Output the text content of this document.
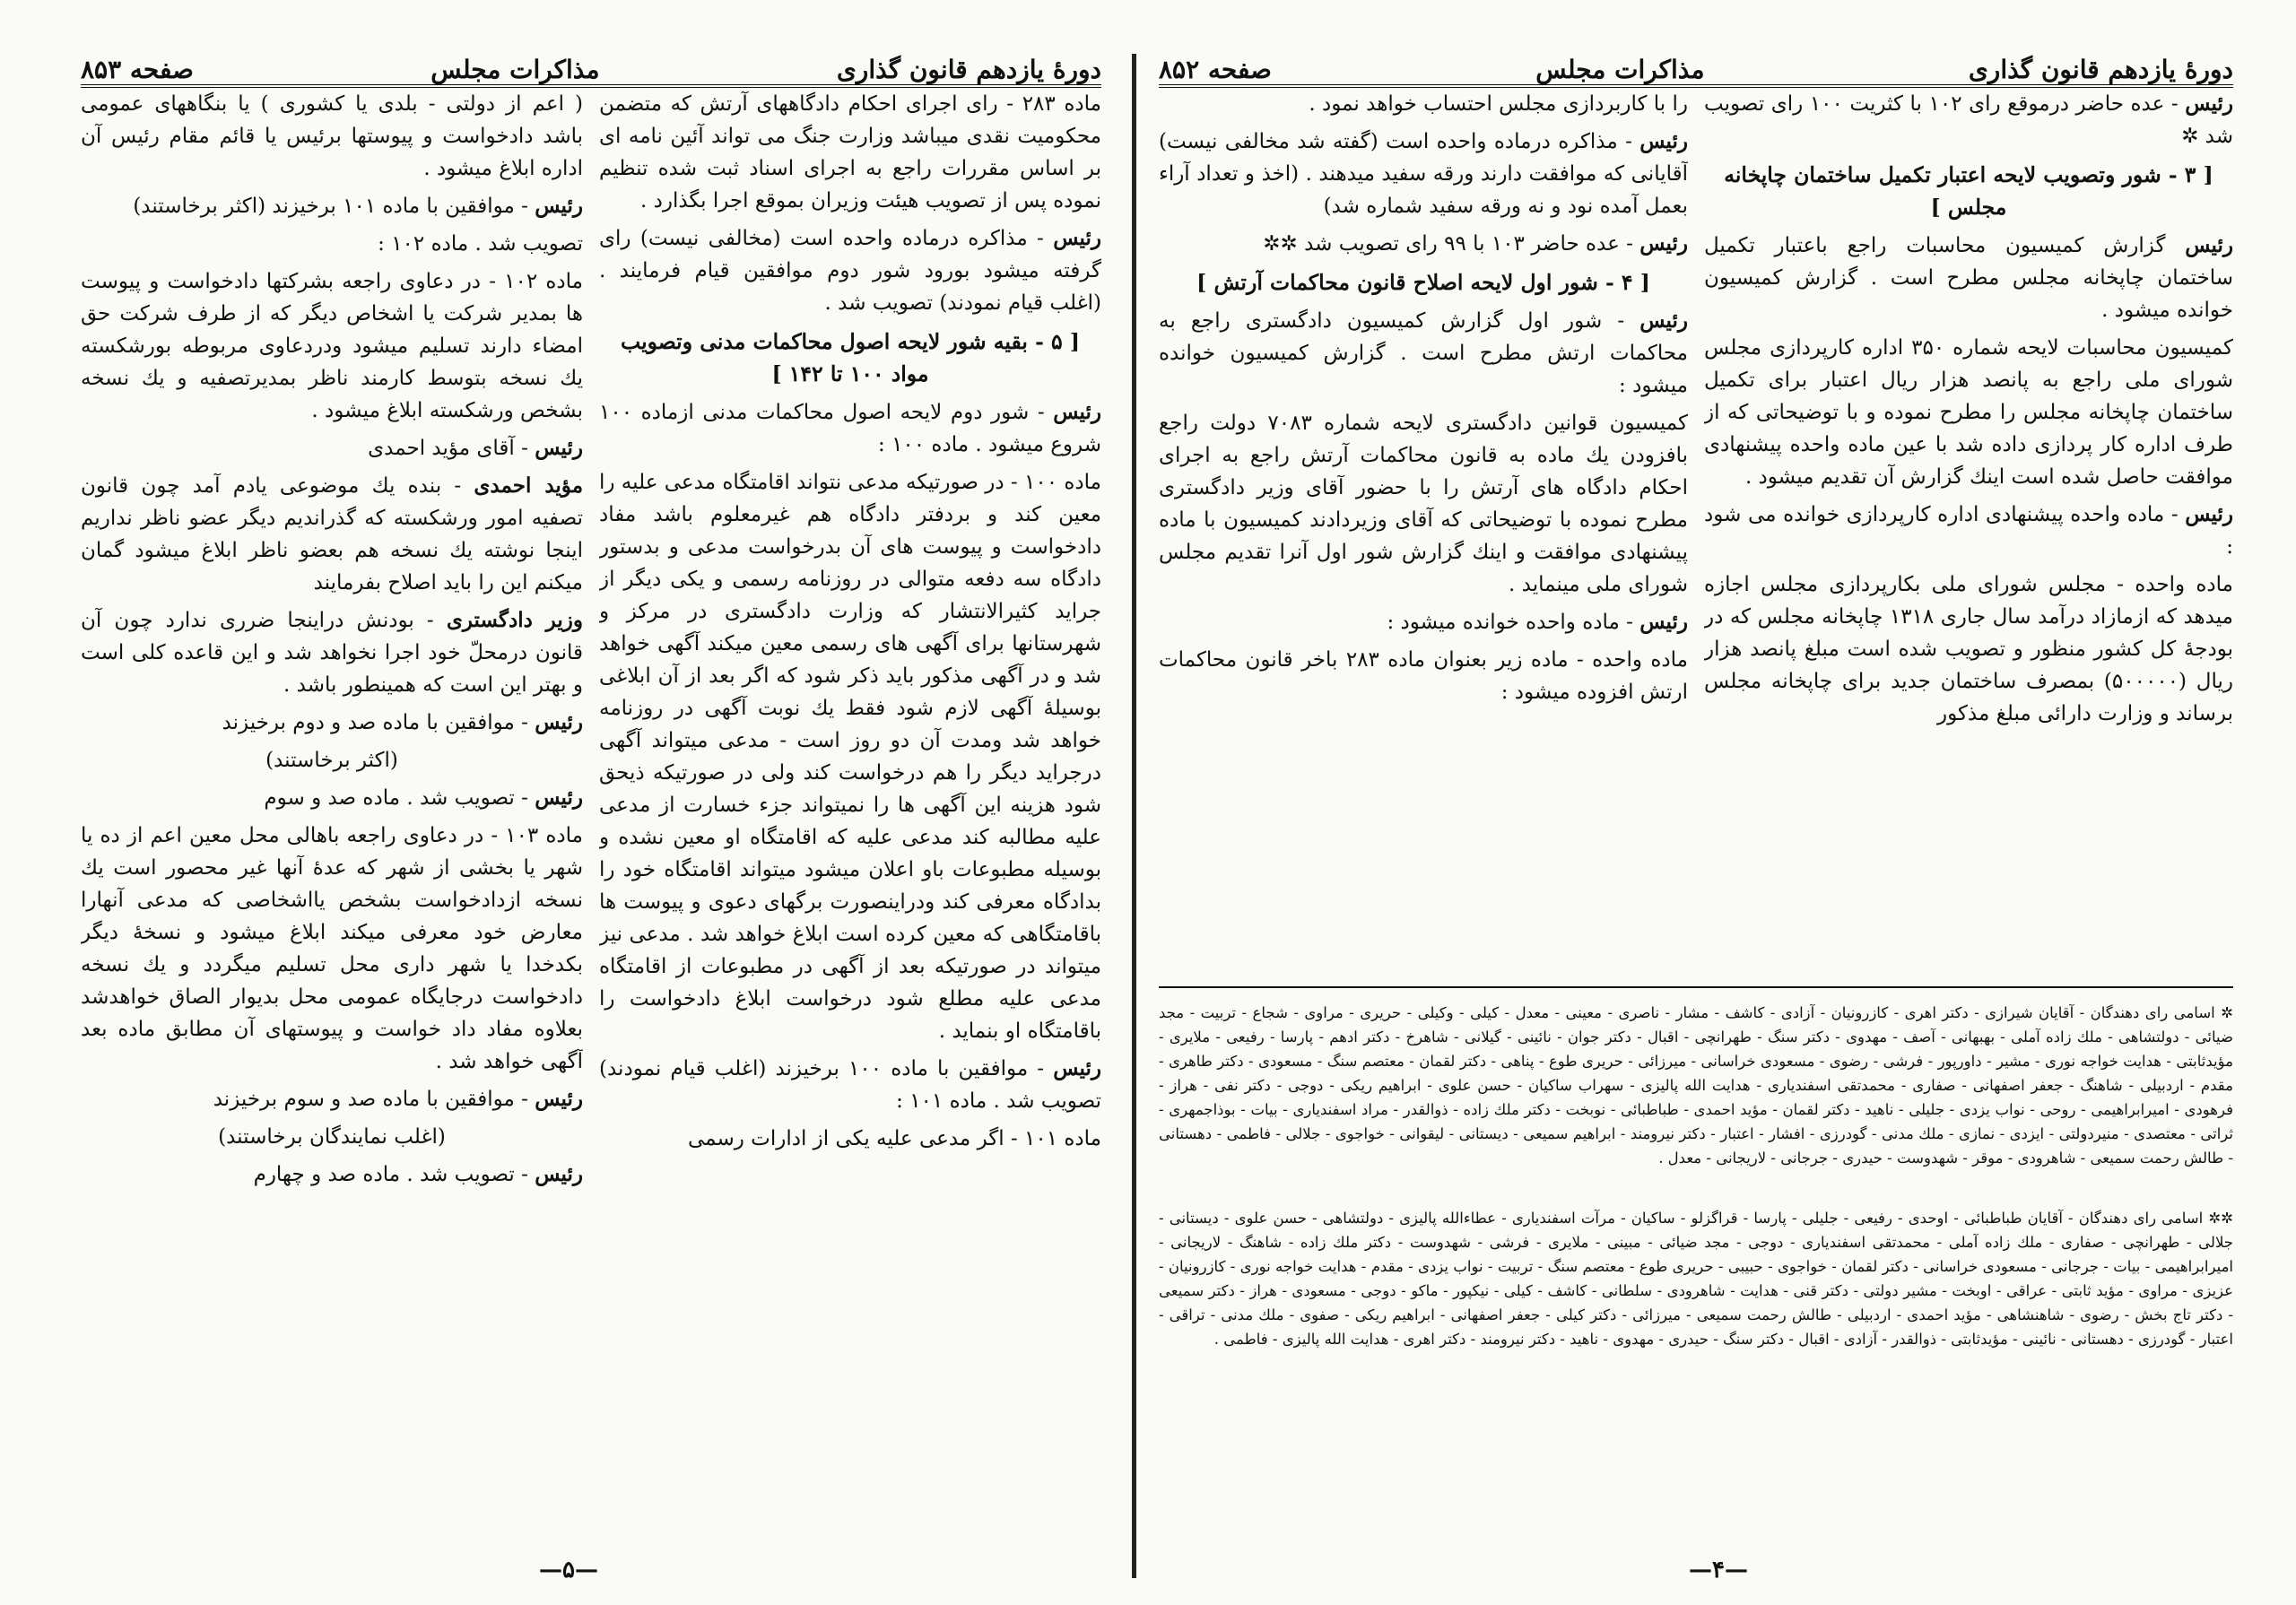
دورهٔ یازدهم قانون گذاری
مذاکرات مجلس
صفحه ۸۵۳

ماده ۲۸۳ - رای اجرای احکام دادگاههای آرتش که متضمن محکومیت نقدی میباشد وزارت جنگ می تواند آئین نامه ای بر اساس مقررات راجع به اجرای اسناد ثبت شده تنظیم نموده پس از تصویب هیئت وزیران بموقع اجرا بگذارد .

رئیس - مذاکره درماده واحده است (مخالفی نیست) رای گرفته میشود بورود شور دوم موافقین قیام فرمایند . (اغلب قیام نمودند) تصویب شد .

[ ۵ - بقیه شور لایحه اصول محاکمات مدنی وتصویب مواد ۱۰۰ تا ۱۴۲ ]

رئیس - شور دوم لایحه اصول محاکمات مدنی ازماده ۱۰۰ شروع میشود . ماده ۱۰۰ :

ماده ۱۰۰ - در صورتیکه مدعی نتواند اقامتگاه مدعی علیه را معین کند و بردفتر دادگاه هم غیرمعلوم باشد مفاد دادخواست و پیوست های آن بدرخواست مدعی و بدستور دادگاه سه دفعه متوالی در روزنامه رسمی و یکی دیگر از جراید کثیرالانتشار که وزارت دادگستری در مرکز و شهرستانها برای آگهی های رسمی معین میکند آگهی خواهد شد و در آگهی مذکور باید ذکر شود که اگر بعد از آن ابلاغی بوسیلهٔ آگهی لازم شود فقط یك نوبت آگهی در روزنامه خواهد شد ومدت آن دو روز است - مدعی میتواند آگهی درجراید دیگر را هم درخواست کند ولی در صورتیکه ذیحق شود هزینه این آگهی ها را نمیتواند جزء خسارت از مدعی علیه مطالبه کند مدعی علیه که اقامتگاه او معین نشده و بوسیله مطبوعات باو اعلان میشود میتواند اقامتگاه خود را بدادگاه معرفی کند ودراینصورت برگهای دعوی و پیوست ها باقامتگاهی که معین کرده است ابلاغ خواهد شد . مدعی نیز میتواند در صورتیکه بعد از آگهی در مطبوعات از اقامتگاه مدعی علیه مطلع شود درخواست ابلاغ دادخواست را باقامتگاه او بنماید .

رئیس - موافقین با ماده ۱۰۰ برخیزند (اغلب قیام نمودند) تصویب شد . ماده ۱۰۱ :

ماده ۱۰۱ - اگر مدعی علیه یکی از ادارات رسمی

( اعم از دولتی - بلدی یا کشوری ) یا بنگاههای عمومی باشد دادخواست و پیوستها برئیس یا قائم مقام رئیس آن اداره ابلاغ میشود .

رئیس - موافقین با ماده ۱۰۱ برخیزند (اکثر برخاستند)

تصویب شد . ماده ۱۰۲ :

ماده ۱۰۲ - در دعاوی راجعه بشرکتها دادخواست و پیوست ها بمدیر شرکت یا اشخاص دیگر که از طرف شرکت حق امضاء دارند تسلیم میشود ودردعاوی مربوطه بورشکسته یك نسخه بتوسط کارمند ناظر بمدیرتصفیه و یك نسخه بشخص ورشکسته ابلاغ میشود .

رئیس - آقای مؤید احمدی

مؤید احمدی - بنده یك موضوعی یادم آمد چون قانون تصفیه امور ورشکسته که گذراندیم دیگر عضو ناظر نداریم اینجا نوشته یك نسخه هم بعضو ناظر ابلاغ میشود گمان میکنم این را باید اصلاح بفرمایند

وزیر دادگستری - بودنش دراینجا ضرری ندارد چون آن قانون درمحلّ خود اجرا نخواهد شد و این قاعده کلی است و بهتر این است که همینطور باشد .

رئیس - موافقین با ماده صد و دوم برخیزند

(اکثر برخاستند)

رئیس - تصویب شد . ماده صد و سوم

ماده ۱۰۳ - در دعاوی راجعه باهالی محل معین اعم از ده یا شهر یا بخشی از شهر که عدهٔ آنها غیر محصور است یك نسخه ازدادخواست بشخص یااشخاصی که مدعی آنهارا معارض خود معرفی میکند ابلاغ میشود و نسخهٔ دیگر بکدخدا یا شهر داری محل تسلیم میگردد و یك نسخه دادخواست درجایگاه عمومی محل بدیوار الصاق خواهدشد بعلاوه مفاد داد خواست و پیوستهای آن مطابق ماده بعد آگهی خواهد شد .

رئیس - موافقین با ماده صد و سوم برخیزند

(اغلب نمایندگان برخاستند)

رئیس - تصویب شد . ماده صد و چهارم

—۵—
دورهٔ یازدهم قانون گذاری
مذاکرات مجلس
صفحه ۸۵۲

رئیس - عده حاضر درموقع رای ۱۰۲ با کثریت ۱۰۰ رای تصویب شد ✲

[ ۳ - شور وتصویب لایحه اعتبار تکمیل ساختمان چاپخانه مجلس ]

رئیس گزارش کمیسیون محاسبات راجع باعتبار تکمیل ساختمان چاپخانه مجلس مطرح است . گزارش کمیسیون خوانده میشود .

کمیسیون محاسبات لایحه شماره ۳۵۰ اداره کارپردازی مجلس شورای ملی راجع به پانصد هزار ریال اعتبار برای تکمیل ساختمان چاپخانه مجلس را مطرح نموده و با توضیحاتی که از طرف اداره کار پردازی داده شد با عین ماده واحده پیشنهادی موافقت حاصل شده است اینك گزارش آن تقدیم میشود .

رئیس - ماده واحده پیشنهادی اداره کارپردازی خوانده می شود :

ماده واحده - مجلس شورای ملی بکارپردازی مجلس اجازه میدهد که ازمازاد درآمد سال جاری ۱۳۱۸ چاپخانه مجلس که در بودجهٔ کل کشور منظور و تصویب شده است مبلغ پانصد هزار ریال (۵۰۰۰۰۰) بمصرف ساختمان جدید برای چاپخانه مجلس برساند و وزارت دارائی مبلغ مذکور

را با کاربردازی مجلس احتساب خواهد نمود .

رئیس - مذاکره درماده واحده است (گفته شد مخالفی نیست) آقایانی که موافقت دارند ورقه سفید میدهند . (اخذ و تعداد آراء بعمل آمده نود و نه ورقه سفید شماره شد)

رئیس - عده حاضر ۱۰۳ با ۹۹ رای تصویب شد ✲✲

[ ۴ - شور اول لایحه اصلاح قانون محاکمات آرتش ]

رئیس - شور اول گزارش کمیسیون دادگستری راجع به محاکمات ارتش مطرح است . گزارش کمیسیون خوانده میشود :

کمیسیون قوانین دادگستری لایحه شماره ۷۰۸۳ دولت راجع بافزودن یك ماده به قانون محاکمات آرتش راجع به اجرای احکام دادگاه های آرتش را با حضور آقای وزیر دادگستری مطرح نموده با توضیحاتی که آقای وزیردادند کمیسیون با ماده پیشنهادی موافقت و اینك گزارش شور اول آنرا تقدیم مجلس شورای ملی مینماید .

رئیس - ماده واحده خوانده میشود :

ماده واحده - ماده زیر بعنوان ماده ۲۸۳ باخر قانون محاکمات ارتش افزوده میشود :

✲ اسامی رای دهندگان - آقایان شیرازی - دکتر اهری - کازرونیان - آزادی - کاشف - مشار - ناصری - معینی - معدل - کیلی - وکیلی - حریری - مراوی - شجاع - تربیت - مجد ضیائی - دولتشاهی - ملك زاده آملی - بهبهانی - آصف - مهدوی - دکتر سنگ - طهرانچی - اقبال - دکتر جوان - نائینی - گیلانی - شاهرخ - دکتر ادهم - پارسا - رفیعی - ملایری - مؤیدثابتی - هدایت خواجه نوری - مشیر - داورپور - فرشی - رضوی - مسعودی خراسانی - میرزائی - حریری طوع - پناهی - دکتر لقمان - معتصم سنگ - مسعودی - دکتر طاهری - مقدم - اردبیلی - شاهنگ - جعفر اصفهانی - صفاری - محمدتقی اسفندیاری - هدایت الله پالیزی - سهراب ساکیان - حسن علوی - ابراهیم ریکی - دوجی - دکتر نفی - هراز - فرهودی - امیرابراهیمی - روحی - نواب یزدی - جلیلی - ناهید - دکتر لقمان - مؤید احمدی - طباطبائی - نوبخت - دکتر ملك زاده - ذوالقدر - مراد اسفندیاری - بیات - بوذاجمهری - ثراتی - معتصدی - منیردولتی - ایزدی - نمازی - ملك مدنی - گودرزی - افشار - اعتبار - دکتر نیرومند - ابراهیم سمیعی - دیستانی - لیقوانی - خواجوی - جلالی - فاطمی - دهستانی - طالش رحمت سمیعی - شاهرودی - موقر - شهدوست - حیدری - جرجانی - لاریجانی - معدل .

✲✲ اسامی رای دهندگان - آقایان طباطبائی - اوحدی - رفیعی - جلیلی - پارسا - قراگزلو - ساکیان - مرآت اسفندیاری - عطاءالله پالیزی - دولتشاهی - حسن علوی - دیستانی - جلالی - طهرانچی - صفاری - ملك زاده آملی - محمدتقی اسفندیاری - دوجی - مجد ضیائی - مبینی - ملایری - فرشی - شهدوست - دکتر ملك زاده - شاهنگ - لاریجانی - امیرابراهیمی - بیات - جرجانی - مسعودی خراسانی - دکتر لقمان - خواجوی - حبیبی - حریری طوع - معتصم سنگ - تربیت - نواب یزدی - مقدم - هدایت خواجه نوری - کازرونیان - عزیزی - مراوی - مؤید ثابتی - عراقی - اوبخت - مشیر دولتی - دکتر قنی - هدایت - شاهرودی - سلطانی - کاشف - کیلی - نیکپور - ماکو - دوجی - مسعودی - هراز - دکتر سمیعی - دکتر تاج بخش - رضوی - شاهنشاهی - مؤید احمدی - اردبیلی - طالش رحمت سمیعی - میرزائی - دکتر کیلی - جعفر اصفهانی - ابراهیم ریکی - صفوی - ملك مدنی - تراقی - اعتبار - گودرزی - دهستانی - نائینی - مؤیدثابتی - ذوالقدر - آزادی - اقبال - دکتر سنگ - حیدری - مهدوی - ناهید - دکتر نیرومند - دکتر اهری - هدایت الله پالیزی - فاطمی .

—۴—
